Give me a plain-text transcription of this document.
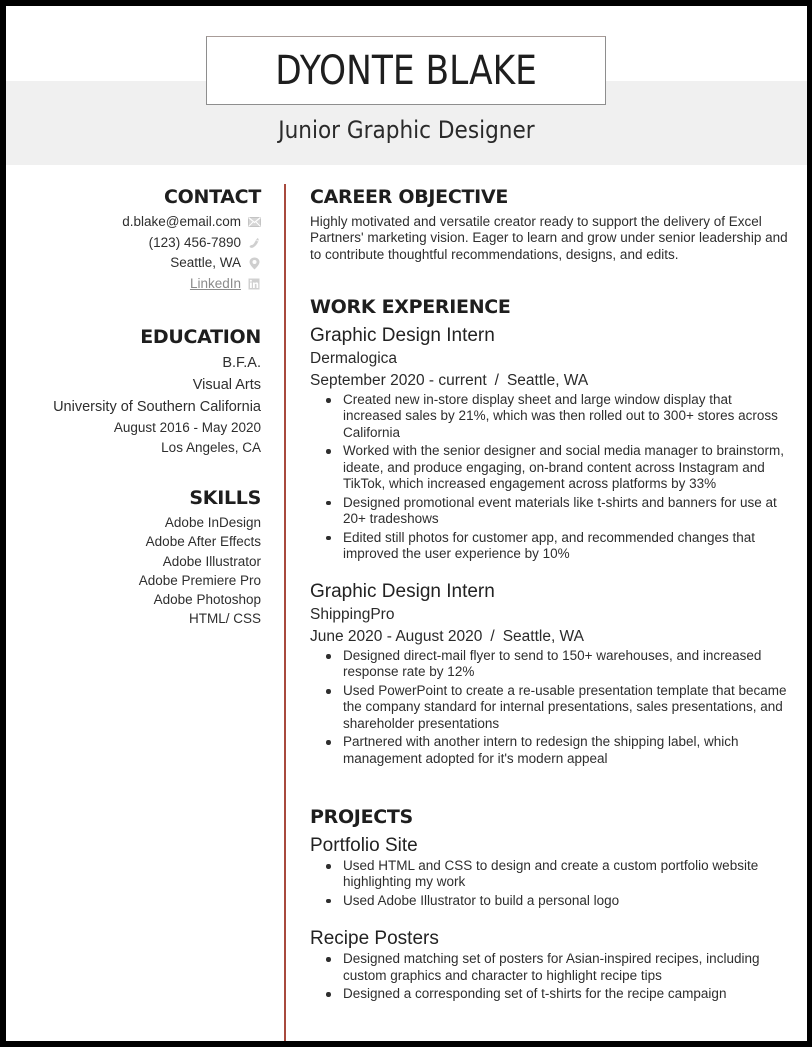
DYONTE BLAKE
Junior Graphic Designer
CONTACT
d.blake@email.com
(123) 456-7890
Seattle, WA
LinkedIn
EDUCATION
B.F.A.
Visual Arts
University of Southern California
August 2016 - May 2020
Los Angeles, CA
SKILLS
Adobe InDesign
Adobe After Effects
Adobe Illustrator
Adobe Premiere Pro
Adobe Photoshop
HTML/ CSS
CAREER OBJECTIVE
Highly motivated and versatile creator ready to support the delivery of Excel Partners' marketing vision. Eager to learn and grow under senior leadership and to contribute thoughtful recommendations, designs, and edits.
WORK EXPERIENCE
Graphic Design Intern
Dermalogica
September 2020 - current / Seattle, WA
Created new in-store display sheet and large window display that increased sales by 21%, which was then rolled out to 300+ stores across California
Worked with the senior designer and social media manager to brainstorm, ideate, and produce engaging, on-brand content across Instagram and TikTok, which increased engagement across platforms by 33%
Designed promotional event materials like t-shirts and banners for use at 20+ tradeshows
Edited still photos for customer app, and recommended changes that improved the user experience by 10%
Graphic Design Intern
ShippingPro
June 2020 - August 2020 / Seattle, WA
Designed direct-mail flyer to send to 150+ warehouses, and increased response rate by 12%
Used PowerPoint to create a re-usable presentation template that became the company standard for internal presentations, sales presentations, and shareholder presentations
Partnered with another intern to redesign the shipping label, which management adopted for it's modern appeal
PROJECTS
Portfolio Site
Used HTML and CSS to design and create a custom portfolio website highlighting my work
Used Adobe Illustrator to build a personal logo
Recipe Posters
Designed matching set of posters for Asian-inspired recipes, including custom graphics and character to highlight recipe tips
Designed a corresponding set of t-shirts for the recipe campaign
